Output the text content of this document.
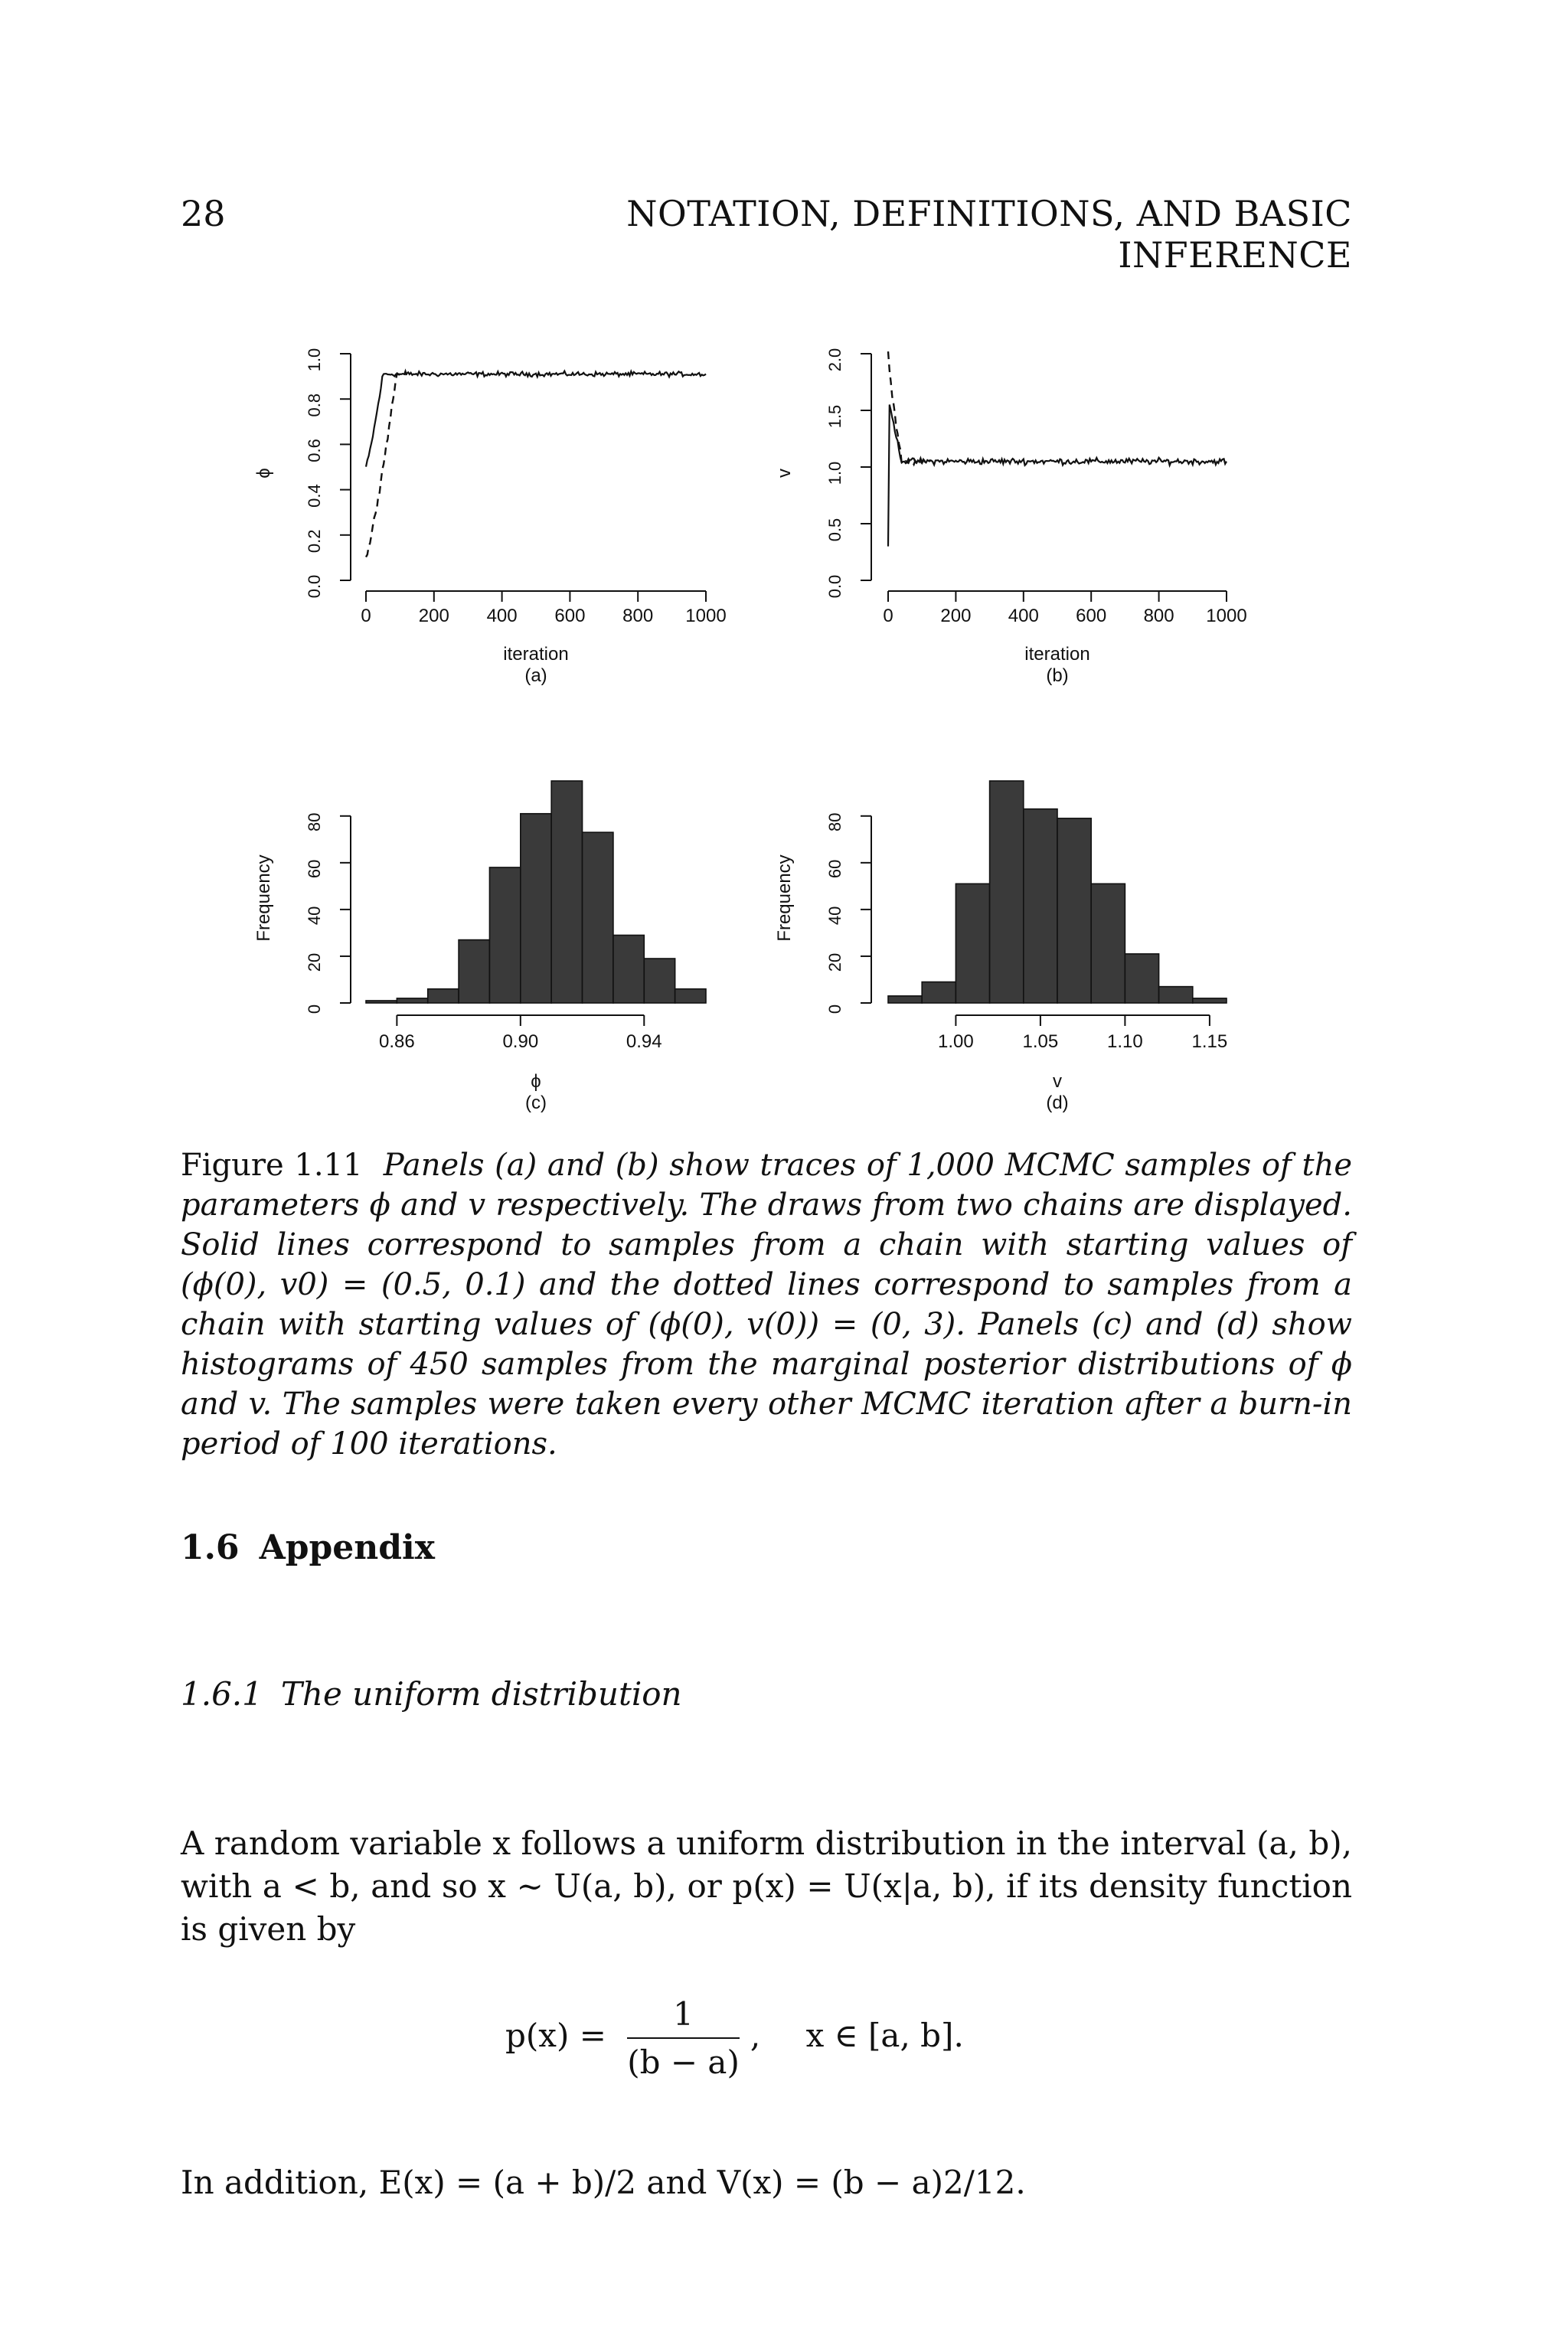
28	NOTATION, DEFINITIONS, AND BASIC INFERENCE
0.0
0.2
0.4
0.6
0.8
1.0
ϕ
0	200 400 600 800 1000
iteration
(a)
0.0
0.5
1.0
1.5
2.0
v
0	200 400 600 800 1000
iteration
(b)
0
20
40
60
80
Frequency
0.86	0.90	0.94
ϕ
(c)
0
20
40
60
80
Frequency
1.00	1.05	1.10	1.15
v
(d)
Figure 1.11 Panels (a) and (b) show traces of 1,000 MCMC samples of the parameters ϕ and v respectively. The draws from two chains are displayed. Solid lines correspond to samples from a chain with starting values of (ϕ(0), v0) = (0.5, 0.1) and the dotted lines correspond to samples from a chain with starting values of (ϕ(0), v(0)) = (0, 3). Panels (c) and (d) show histograms of 450 samples from the marginal posterior distributions of ϕ and v. The samples were taken every other MCMC iteration after a burn-in period of 100 iterations.
1.6 Appendix
1.6.1 The uniform distribution
A random variable x follows a uniform distribution in the interval (a, b), with a < b, and so x ∼ U(a, b), or p(x) = U(x|a, b), if its density function is given by
$p(x) = \frac{1}{(b - a)}$ , x ∈ [a, b].
In addition, E(x) = (a + b)/2 and V(x) = (b − a)2/12.
